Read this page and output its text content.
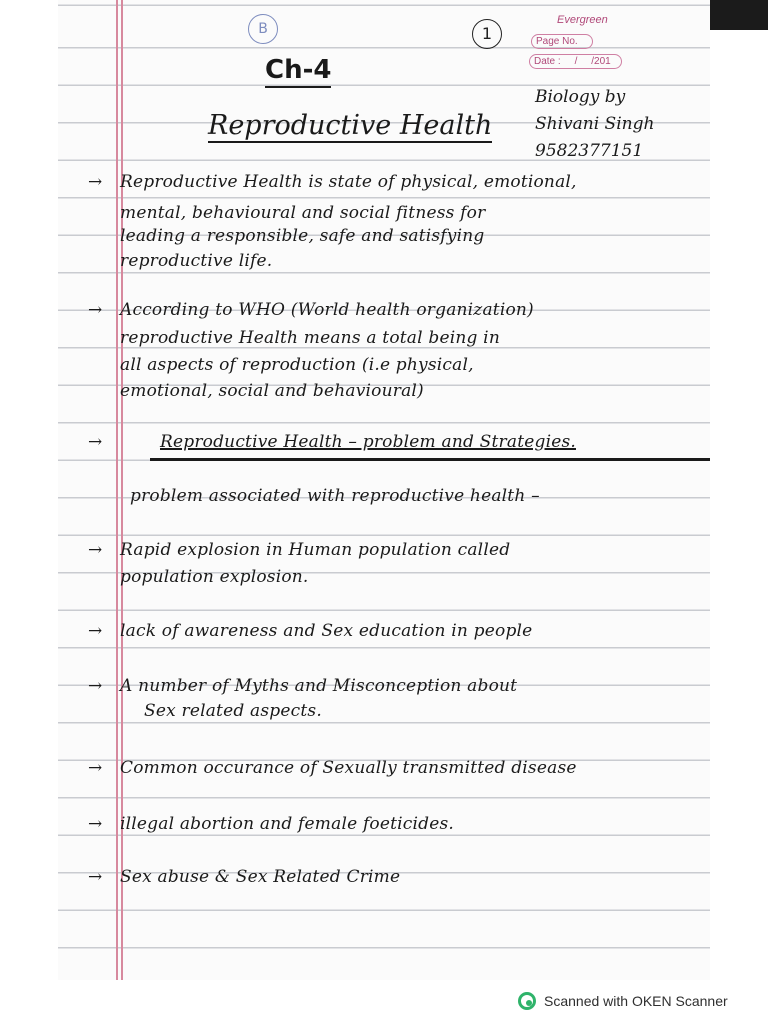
B	1
Evergreen
Page No.
Date :     /     /201
Ch-4
Reproductive Health
Biology by
Shivani Singh
9582377151
→ Reproductive Health is state of physical, emotional,
mental, behavioural and social fitness for
leading a responsible, safe and satisfying
reproductive life.
→ According to WHO (World health organization)
reproductive Health means a total being in
all aspects of reproduction (i.e physical,
emotional, social and behavioural)
→	Reproductive Health – problem and Strategies.
problem associated with reproductive health –
→ Rapid explosion in Human population called
population explosion.
→ lack of awareness and Sex education in people
→ A number of Myths and Misconception about
Sex related aspects.
→ Common occurance of Sexually transmitted disease
→ illegal abortion and female foeticides.
→ Sex abuse & Sex Related Crime
Scanned with OKEN Scanner
